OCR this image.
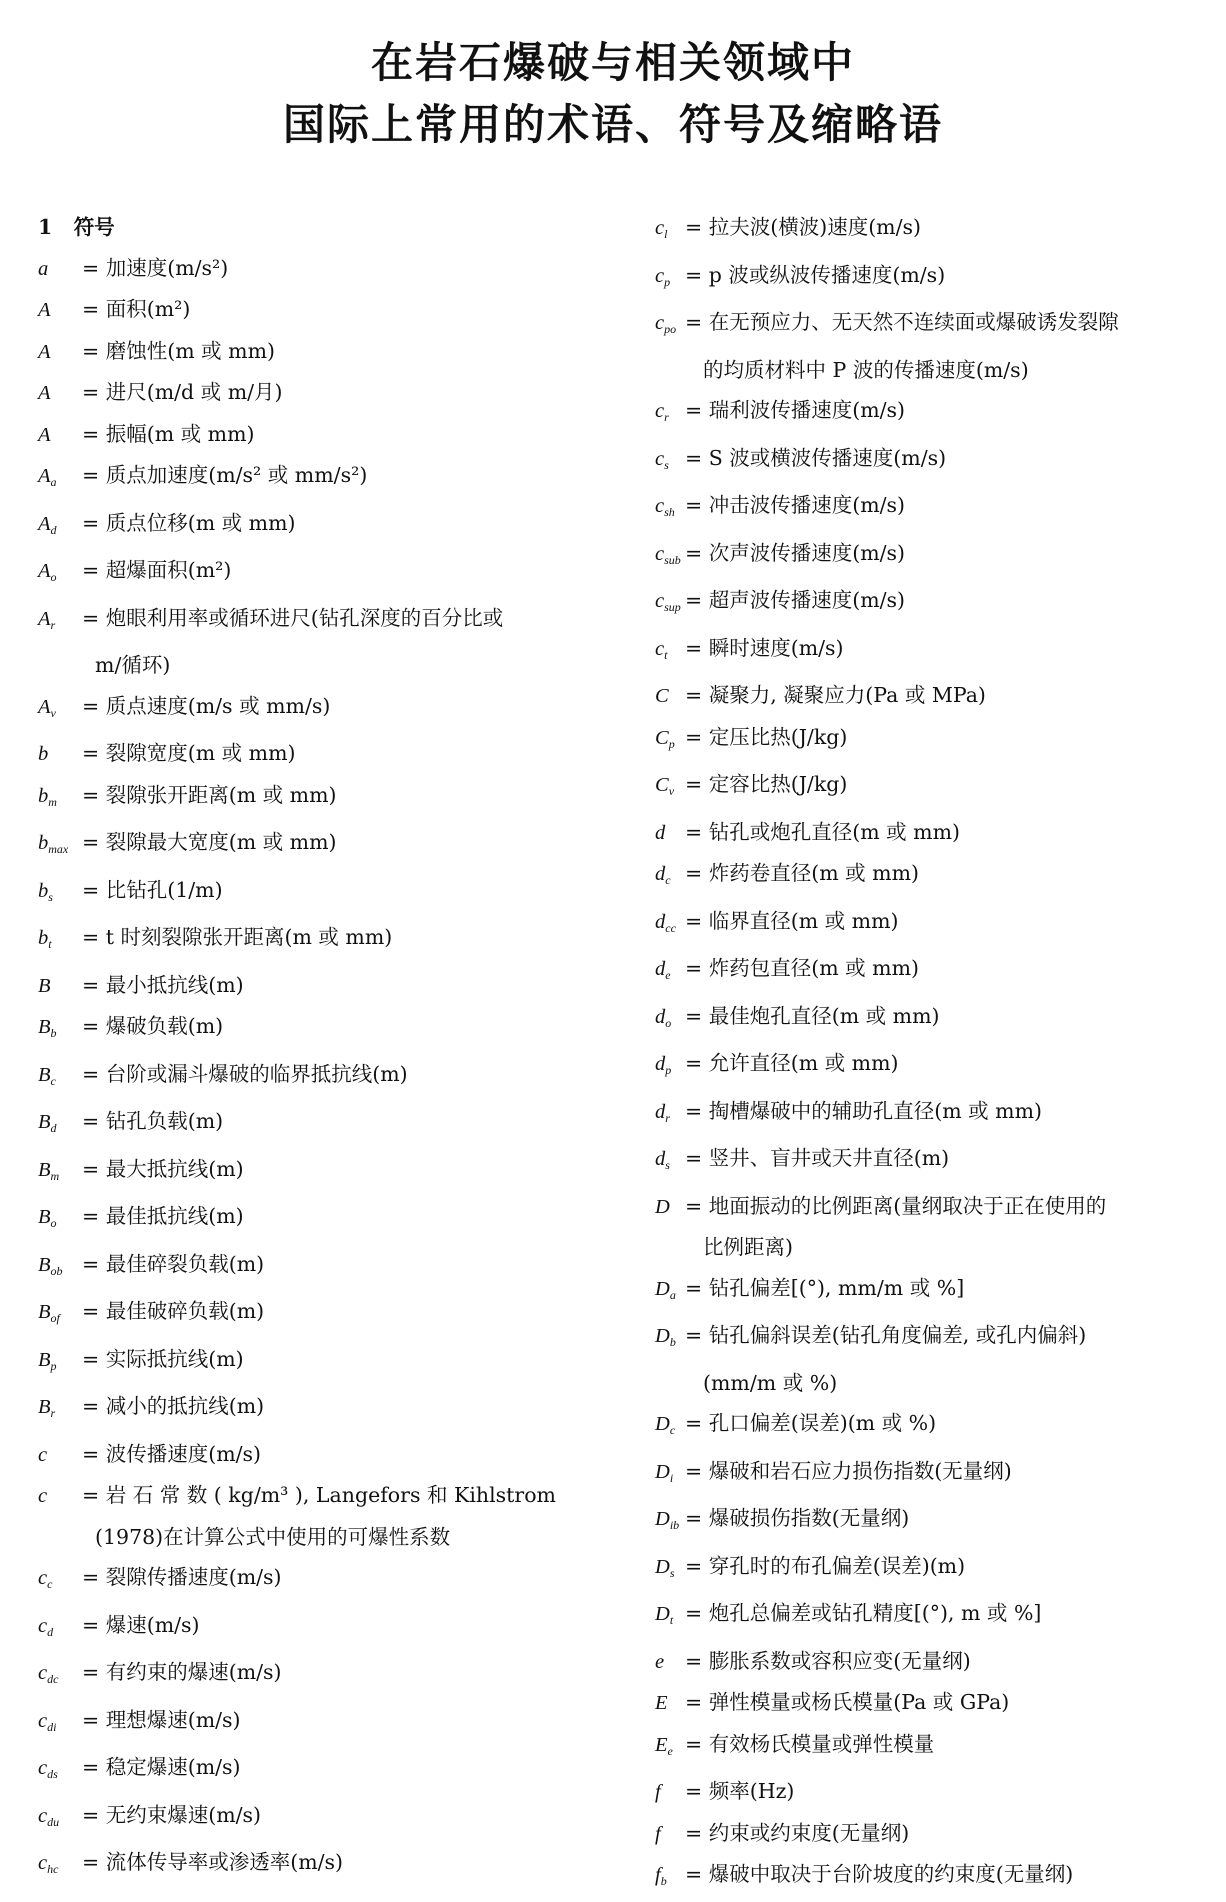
在岩石爆破与相关领域中
国际上常用的术语、符号及缩略语
1 符号
a = 加速度(m/s²)
A = 面积(m²)
A = 磨蚀性(m 或 mm)
A = 进尺(m/d 或 m/月)
A = 振幅(m 或 mm)
$A_a$ = 质点加速度(m/s² 或 mm/s²)
$A_d$ = 质点位移(m 或 mm)
$A_o$ = 超爆面积(m²)
$A_r$ = 炮眼利用率或循环进尺(钻孔深度的百分比或
m/循环)
$A_v$ = 质点速度(m/s 或 mm/s)
b = 裂隙宽度(m 或 mm)
$b_m$ = 裂隙张开距离(m 或 mm)
$b_{max}$ = 裂隙最大宽度(m 或 mm)
$b_s$ = 比钻孔(1/m)
$b_t = t$ 时刻裂隙张开距离(m 或 mm)
B = 最小抵抗线(m)
$B_b$ = 爆破负载(m)
$B_c$ = 台阶或漏斗爆破的临界抵抗线(m)
$B_d$ = 钻孔负载(m)
$B_m$ = 最大抵抗线(m)
$B_o$ = 最佳抵抗线(m)
$B_{ob}$ = 最佳碎裂负载(m)
$B_{of}$ = 最佳破碎负载(m)
$B_p$ = 实际抵抗线(m)
$B_r$ = 减小的抵抗线(m)
c = 波传播速度(m/s)
c = 岩 石 常 数 ( kg/m³ ), Langefors 和 Kihlstrom
(1978)在计算公式中使用的可爆性系数
$c_c$ = 裂隙传播速度(m/s)
$c_d$ = 爆速(m/s)
$c_{dc}$ = 有约束的爆速(m/s)
$c_{di}$ = 理想爆速(m/s)
$c_{ds}$ = 稳定爆速(m/s)
$c_{du}$ = 无约束爆速(m/s)
$c_{hc}$ = 流体传导率或渗透率(m/s)
$c_l$ = 拉夫波(横波)速度(m/s)
$c_p = p$ 波或纵波传播速度(m/s)
$c_{po}$ = 在无预应力、无天然不连续面或爆破诱发裂隙
的均质材料中 P 波的传播速度(m/s)
$c_r$ = 瑞利波传播速度(m/s)
$c_s = S$ 波或横波传播速度(m/s)
$c_{sh}$ = 冲击波传播速度(m/s)
$c_{sub}$ = 次声波传播速度(m/s)
$c_{sup}$ = 超声波传播速度(m/s)
$c_t$ = 瞬时速度(m/s)
C = 凝聚力, 凝聚应力(Pa 或 MPa)
$C_p$ = 定压比热(J/kg)
$C_v$ = 定容比热(J/kg)
d = 钻孔或炮孔直径(m 或 mm)
$d_c$ = 炸药卷直径(m 或 mm)
$d_{cc}$ = 临界直径(m 或 mm)
$d_e$ = 炸药包直径(m 或 mm)
$d_o$ = 最佳炮孔直径(m 或 mm)
$d_p$ = 允许直径(m 或 mm)
$d_r$ = 掏槽爆破中的辅助孔直径(m 或 mm)
$d_s$ = 竖井、盲井或天井直径(m)
D = 地面振动的比例距离(量纲取决于正在使用的
比例距离)
$D_a$ = 钻孔偏差[(°), mm/m 或 %]
$D_b$ = 钻孔偏斜误差(钻孔角度偏差, 或孔内偏斜)
(mm/m 或 %)
$D_c$ = 孔口偏差(误差)(m 或 %)
$D_i$ = 爆破和岩石应力损伤指数(无量纲)
$D_{ib}$ = 爆破损伤指数(无量纲)
$D_s$ = 穿孔时的布孔偏差(误差)(m)
$D_t$ = 炮孔总偏差或钻孔精度[(°), m 或 %]
e = 膨胀系数或容积应变(无量纲)
E = 弹性模量或杨氏模量(Pa 或 GPa)
$E_e$ = 有效杨氏模量或弹性模量
f = 频率(Hz)
f = 约束或约束度(无量纲)
$f_b$ = 爆破中取决于台阶坡度的约束度(无量纲)
